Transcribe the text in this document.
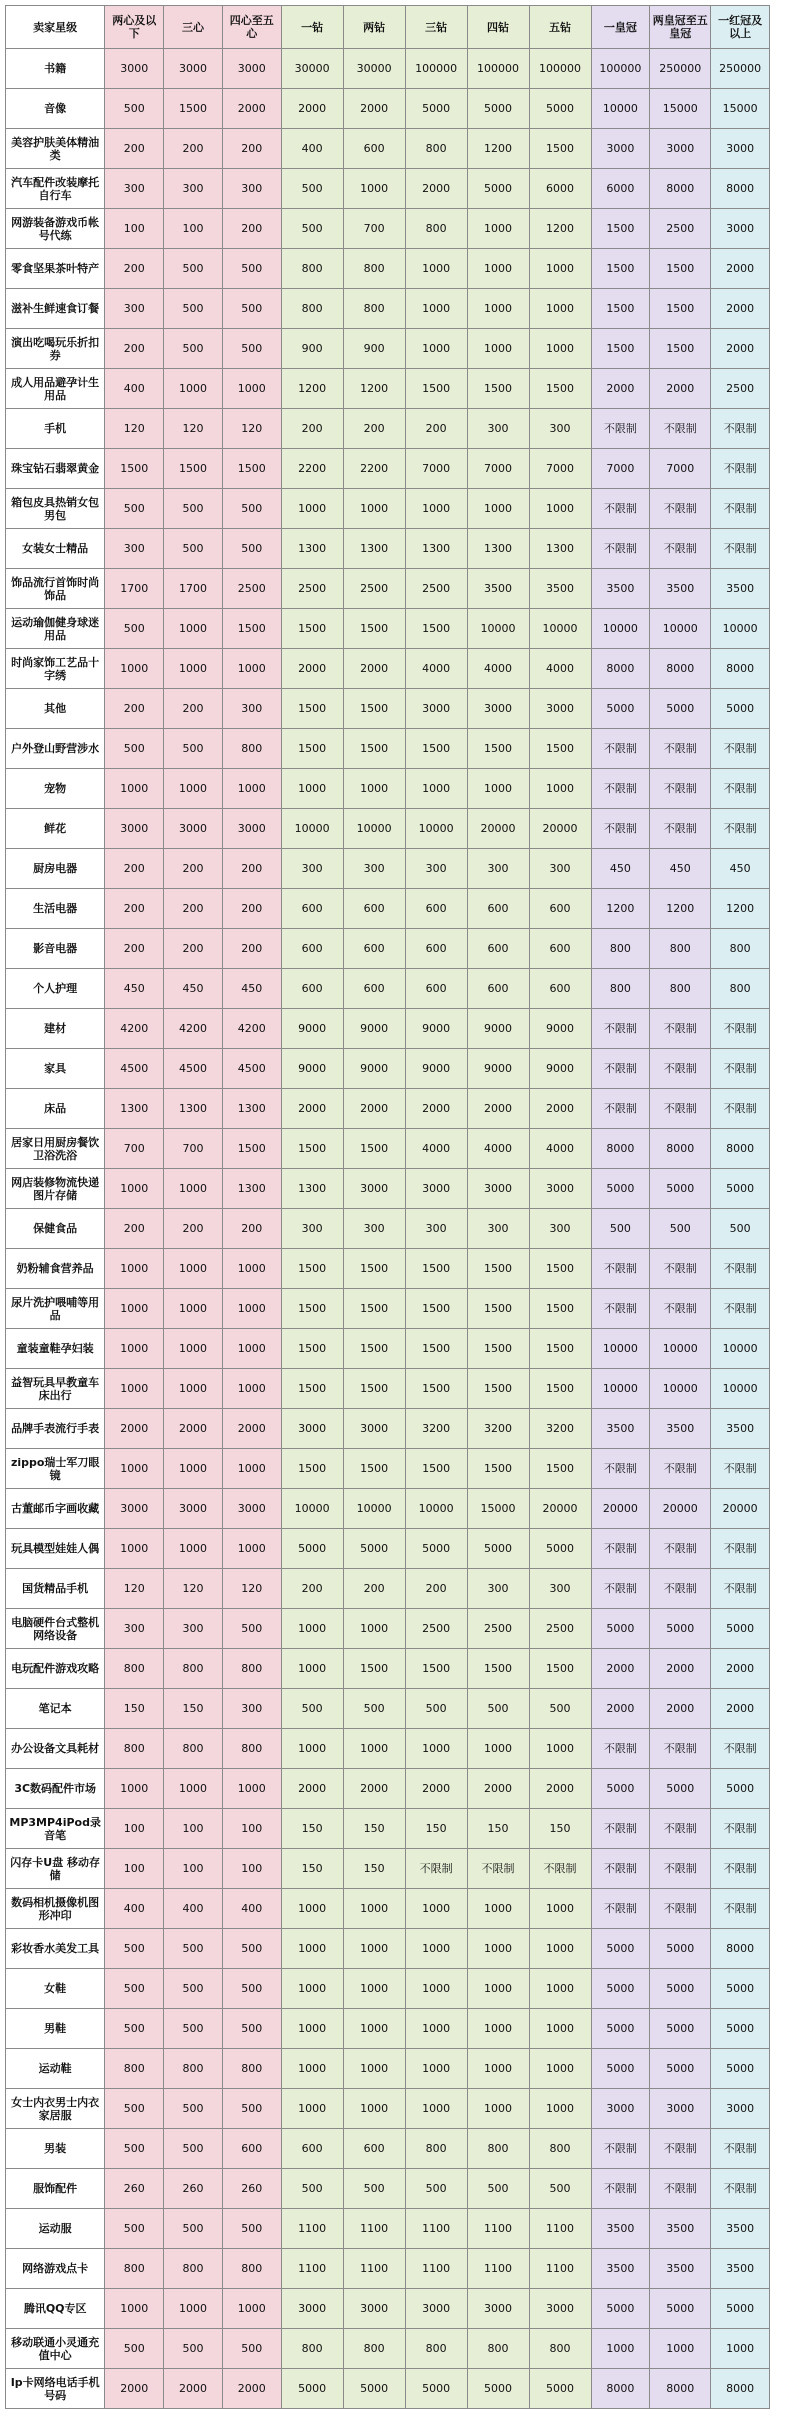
卖家星级	两心及以下	三心	四心至五心	一钻	两钻	三钻	四钻	五钻	一皇冠	两皇冠至五皇冠	一红冠及以上
书籍	3000	3000	3000	30000	30000	100000	100000	100000	100000	250000	250000
音像	500	1500	2000	2000	2000	5000	5000	5000	10000	15000	15000
美容护肤美体精油类	200	200	200	400	600	800	1200	1500	3000	3000	3000
汽车配件改装摩托自行车	300	300	300	500	1000	2000	5000	6000	6000	8000	8000
网游装备游戏币帐号代练	100	100	200	500	700	800	1000	1200	1500	2500	3000
零食坚果茶叶特产	200	500	500	800	800	1000	1000	1000	1500	1500	2000
滋补生鲜速食订餐	300	500	500	800	800	1000	1000	1000	1500	1500	2000
演出吃喝玩乐折扣券	200	500	500	900	900	1000	1000	1000	1500	1500	2000
成人用品避孕计生用品	400	1000	1000	1200	1200	1500	1500	1500	2000	2000	2500
手机	120	120	120	200	200	200	300	300	不限制	不限制	不限制
珠宝钻石翡翠黄金	1500	1500	1500	2200	2200	7000	7000	7000	7000	7000	不限制
箱包皮具热销女包男包	500	500	500	1000	1000	1000	1000	1000	不限制	不限制	不限制
女装女士精品	300	500	500	1300	1300	1300	1300	1300	不限制	不限制	不限制
饰品流行首饰时尚饰品	1700	1700	2500	2500	2500	2500	3500	3500	3500	3500	3500
运动瑜伽健身球迷用品	500	1000	1500	1500	1500	1500	10000	10000	10000	10000	10000
时尚家饰工艺品十字绣	1000	1000	1000	2000	2000	4000	4000	4000	8000	8000	8000
其他	200	200	300	1500	1500	3000	3000	3000	5000	5000	5000
户外登山野营涉水	500	500	800	1500	1500	1500	1500	1500	不限制	不限制	不限制
宠物	1000	1000	1000	1000	1000	1000	1000	1000	不限制	不限制	不限制
鲜花	3000	3000	3000	10000	10000	10000	20000	20000	不限制	不限制	不限制
厨房电器	200	200	200	300	300	300	300	300	450	450	450
生活电器	200	200	200	600	600	600	600	600	1200	1200	1200
影音电器	200	200	200	600	600	600	600	600	800	800	800
个人护理	450	450	450	600	600	600	600	600	800	800	800
建材	4200	4200	4200	9000	9000	9000	9000	9000	不限制	不限制	不限制
家具	4500	4500	4500	9000	9000	9000	9000	9000	不限制	不限制	不限制
床品	1300	1300	1300	2000	2000	2000	2000	2000	不限制	不限制	不限制
居家日用厨房餐饮卫浴洗浴	700	700	1500	1500	1500	4000	4000	4000	8000	8000	8000
网店装修物流快递图片存储	1000	1000	1300	1300	3000	3000	3000	3000	5000	5000	5000
保健食品	200	200	200	300	300	300	300	300	500	500	500
奶粉辅食营养品	1000	1000	1000	1500	1500	1500	1500	1500	不限制	不限制	不限制
尿片洗护喂哺等用品	1000	1000	1000	1500	1500	1500	1500	1500	不限制	不限制	不限制
童装童鞋孕妇装	1000	1000	1000	1500	1500	1500	1500	1500	10000	10000	10000
益智玩具早教童车床出行	1000	1000	1000	1500	1500	1500	1500	1500	10000	10000	10000
品牌手表流行手表	2000	2000	2000	3000	3000	3200	3200	3200	3500	3500	3500
zippo瑞士军刀眼镜	1000	1000	1000	1500	1500	1500	1500	1500	不限制	不限制	不限制
古董邮币字画收藏	3000	3000	3000	10000	10000	10000	15000	20000	20000	20000	20000
玩具模型娃娃人偶	1000	1000	1000	5000	5000	5000	5000	5000	不限制	不限制	不限制
国货精品手机	120	120	120	200	200	200	300	300	不限制	不限制	不限制
电脑硬件台式整机网络设备	300	300	500	1000	1000	2500	2500	2500	5000	5000	5000
电玩配件游戏攻略	800	800	800	1000	1500	1500	1500	1500	2000	2000	2000
笔记本	150	150	300	500	500	500	500	500	2000	2000	2000
办公设备文具耗材	800	800	800	1000	1000	1000	1000	1000	不限制	不限制	不限制
3C数码配件市场	1000	1000	1000	2000	2000	2000	2000	2000	5000	5000	5000
MP3MP4iPod录音笔	100	100	100	150	150	150	150	150	不限制	不限制	不限制
闪存卡U盘 移动存储	100	100	100	150	150	不限制	不限制	不限制	不限制	不限制	不限制
数码相机摄像机图形冲印	400	400	400	1000	1000	1000	1000	1000	不限制	不限制	不限制
彩妆香水美发工具	500	500	500	1000	1000	1000	1000	1000	5000	5000	8000
女鞋	500	500	500	1000	1000	1000	1000	1000	5000	5000	5000
男鞋	500	500	500	1000	1000	1000	1000	1000	5000	5000	5000
运动鞋	800	800	800	1000	1000	1000	1000	1000	5000	5000	5000
女士内衣男士内衣家居服	500	500	500	1000	1000	1000	1000	1000	3000	3000	3000
男装	500	500	600	600	600	800	800	800	不限制	不限制	不限制
服饰配件	260	260	260	500	500	500	500	500	不限制	不限制	不限制
运动服	500	500	500	1100	1100	1100	1100	1100	3500	3500	3500
网络游戏点卡	800	800	800	1100	1100	1100	1100	1100	3500	3500	3500
腾讯QQ专区	1000	1000	1000	3000	3000	3000	3000	3000	5000	5000	5000
移动联通小灵通充值中心	500	500	500	800	800	800	800	800	1000	1000	1000
Ip卡网络电话手机号码	2000	2000	2000	5000	5000	5000	5000	5000	8000	8000	8000
